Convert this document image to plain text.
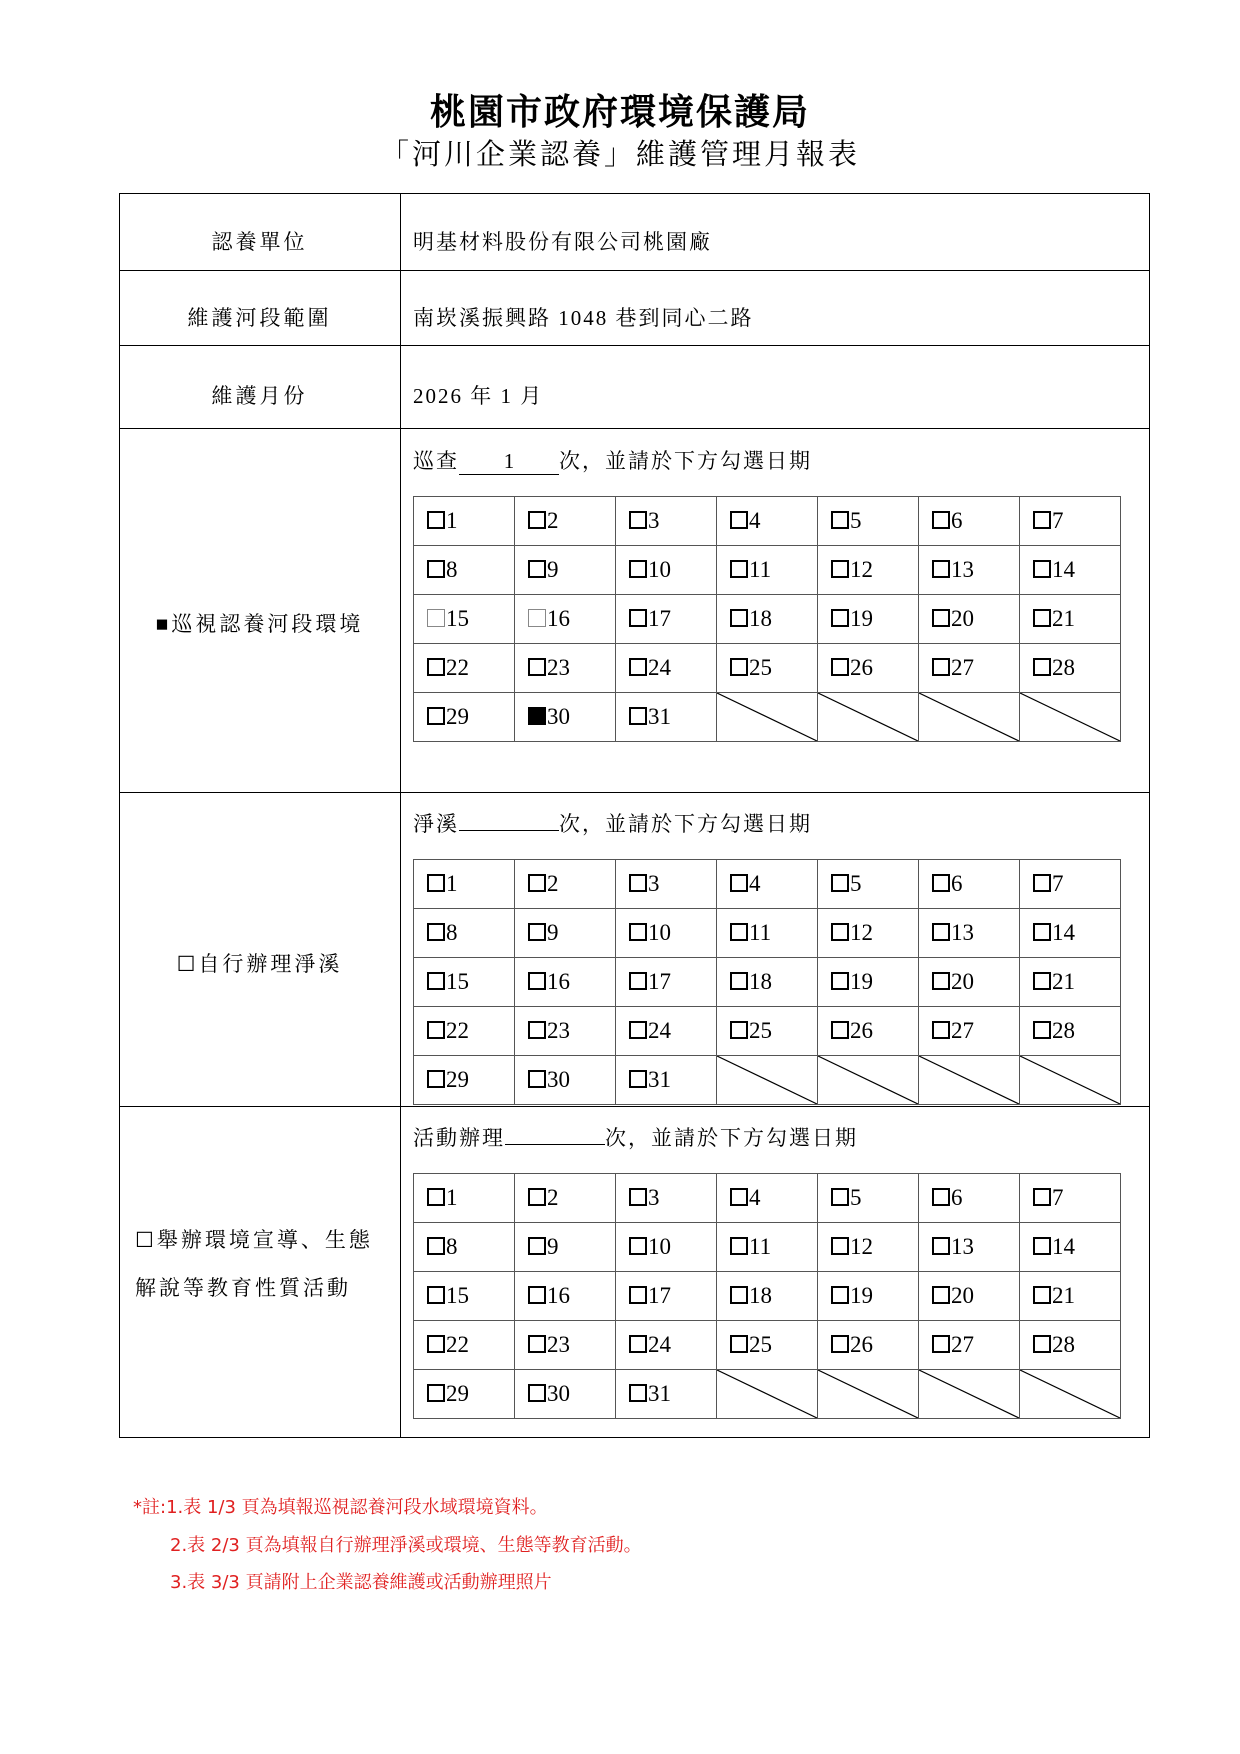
桃園市政府環境保護局
「河川企業認養」維護管理月報表
認養單位	明基材料股份有限公司桃園廠
維護河段範圍	南崁溪振興路 1048 巷到同心二路
維護月份	2026 年 1 月
■巡視認養河段環境
巡查 1 次，並請於下方勾選日期
1	2	3	4	5	6	7
8	9	10	11	12	13	14
15	16	17	18	19	20	21
22	23	24	25	26	27	28
29	30	31	

☐自行辦理淨溪
淨溪	次，並請於下方勾選日期
1	2	3	4	5	6	7
8	9	10	11	12	13	14
15	16	17	18	19	20	21
22	23	24	25	26	27	28
29	30	31	

☐舉辦環境宣導、生態
解說等教育性質活動
活動辦理	次，並請於下方勾選日期
1	2	3	4	5	6	7
8	9	10	11	12	13	14
15	16	17	18	19	20	21
22	23	24	25	26	27	28
29	30	31	

*註:1.表 1/3 頁為填報巡視認養河段水域環境資料。
2.表 2/3 頁為填報自行辦理淨溪或環境、生態等教育活動。
3.表 3/3 頁請附上企業認養維護或活動辦理照片
